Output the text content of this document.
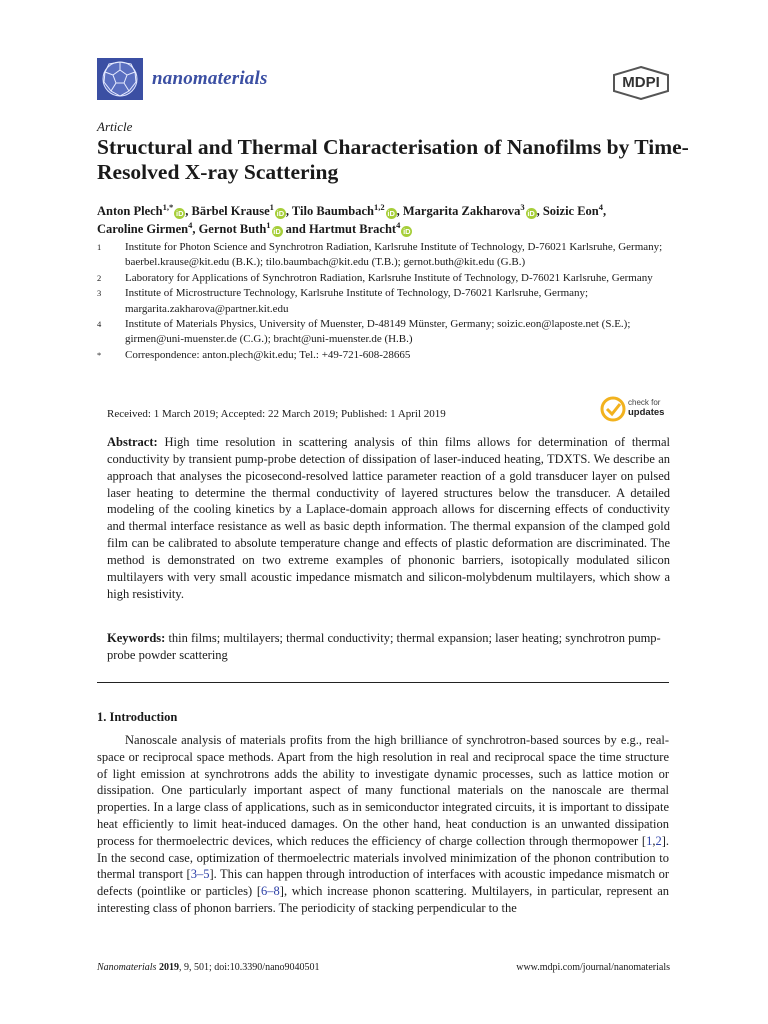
nanomaterials	MDPI
Article
Structural and Thermal Characterisation of Nanofilms by Time-Resolved X-ray Scattering
Anton Plech$^{1,*}$iD , Bärbel Krause$^1$iD , Tilo Baumbach$^{1,2}$iD , Margarita Zakharova$^3$iD , Soizic Eon$^4$,
Caroline Girmen$^4$, Gernot Buth$^1$iD and Hartmut Bracht$^4$iD
1	Institute for Photon Science and Synchrotron Radiation, Karlsruhe Institute of Technology, D-76021 Karlsruhe, Germany; baerbel.krause@kit.edu (B.K.); tilo.baumbach@kit.edu (T.B.); gernot.buth@kit.edu (G.B.)
2	Laboratory for Applications of Synchrotron Radiation, Karlsruhe Institute of Technology, D-76021 Karlsruhe, Germany
3	Institute of Microstructure Technology, Karlsruhe Institute of Technology, D-76021 Karlsruhe, Germany; margarita.zakharova@partner.kit.edu
4	Institute of Materials Physics, University of Muenster, D-48149 Münster, Germany; soizic.eon@laposte.net (S.E.); girmen@uni-muenster.de (C.G.); bracht@uni-muenster.de (H.B.)
*	Correspondence: anton.plech@kit.edu; Tel.: +49-721-608-28665
Received: 1 March 2019; Accepted: 22 March 2019; Published: 1 April 2019
check for
updates
Abstract: High time resolution in scattering analysis of thin films allows for determination of thermal conductivity by transient pump-probe detection of dissipation of laser-induced heating, TDXTS. We describe an approach that analyses the picosecond-resolved lattice parameter reaction of a gold transducer layer on pulsed laser heating to determine the thermal conductivity of layered structures below the transducer. A detailed modeling of the cooling kinetics by a Laplace-domain approach allows for discerning effects of conductivity and thermal interface resistance as well as basic depth information. The thermal expansion of the clamped gold film can be calibrated to absolute temperature change and effects of plastic deformation are discriminated. The method is demonstrated on two extreme examples of phononic barriers, isotopically modulated silicon multilayers with very small acoustic impedance mismatch and silicon-molybdenum multilayers, which show a high resistivity.
Keywords: thin films; multilayers; thermal conductivity; thermal expansion; laser heating; synchrotron pump-probe powder scattering
1. Introduction

Nanoscale analysis of materials profits from the high brilliance of synchrotron-based sources by e.g., real-space or reciprocal space methods. Apart from the high resolution in real and reciprocal space the time structure of light emission at synchrotrons adds the ability to investigate dynamic processes, such as lattice motion or dissipation. One particularly important aspect of many functional materials on the nanoscale are thermal properties. In a large class of applications, such as in semiconductor integrated circuits, it is important to dissipate heat efficiently to limit heat-induced damages. On the other hand, heat conduction is an unwanted dissipation process for thermoelectric devices, which reduces the efficiency of charge collection through thermopower [1,2]. In the second case, optimization of thermoelectric materials involved minimization of the phonon contribution to thermal transport [3–5]. This can happen through introduction of interfaces with acoustic impedance mismatch or defects (pointlike or particles) [6–8], which increase phonon scattering. Multilayers, in particular, represent an interesting class of phonon barriers. The periodicity of stacking perpendicular to the

Nanomaterials 2019, 9, 501; doi:10.3390/nano9040501	www.mdpi.com/journal/nanomaterials
